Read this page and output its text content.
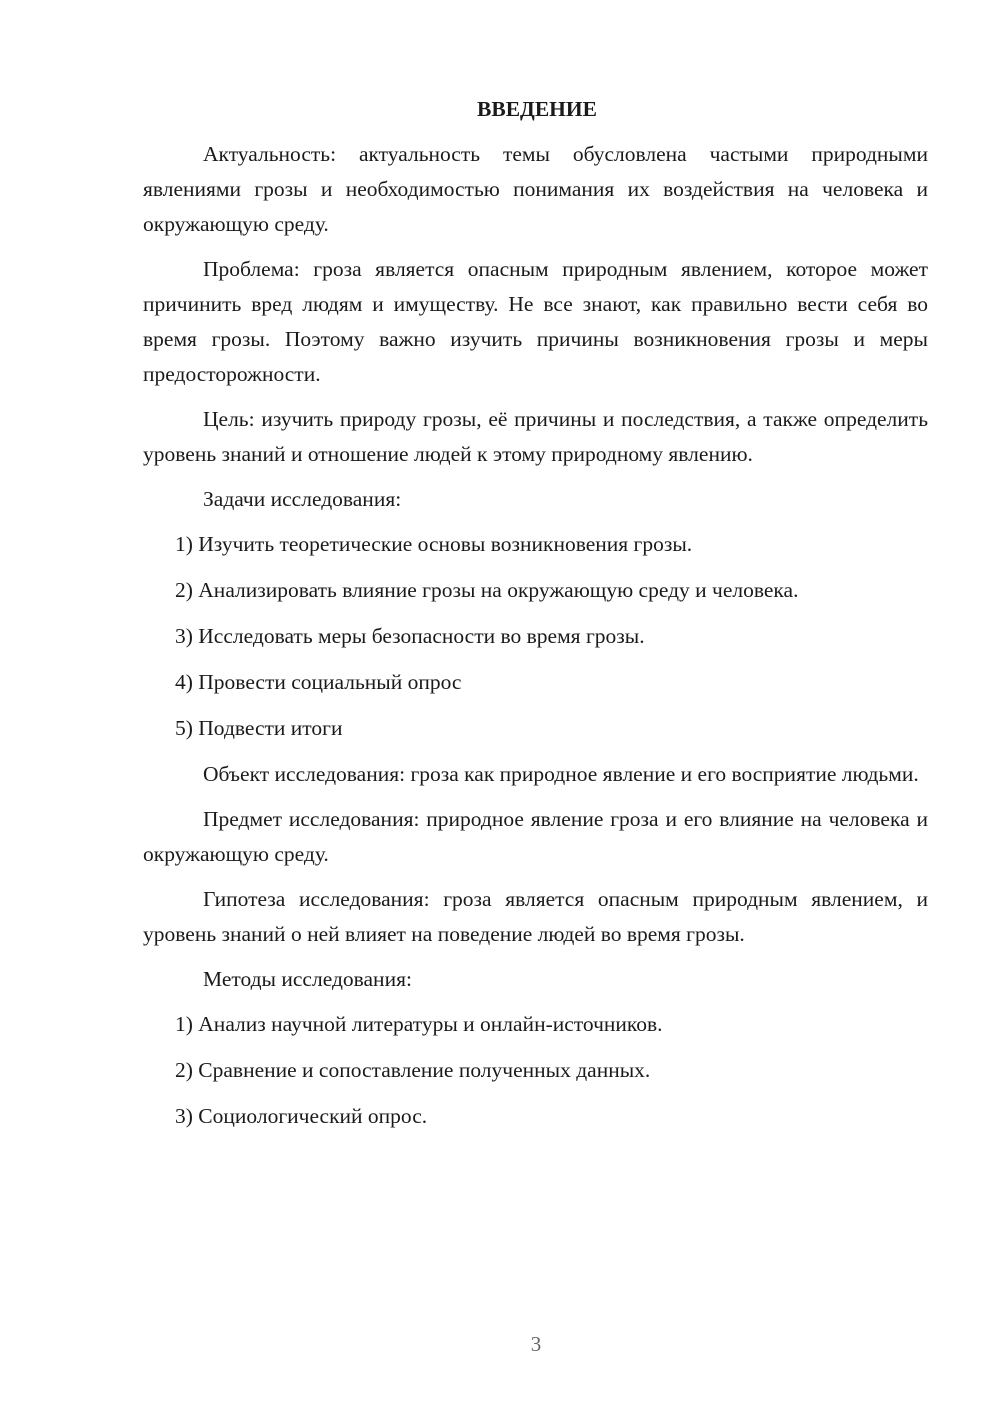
ВВЕДЕНИЕ
Актуальность: актуальность темы обусловлена частыми природными явлениями грозы и необходимостью понимания их воздействия на человека и окружающую среду.
Проблема: гроза является опасным природным явлением, которое может причинить вред людям и имуществу. Не все знают, как правильно вести себя во время грозы. Поэтому важно изучить причины возникновения грозы и меры предосторожности.
Цель: изучить природу грозы, её причины и последствия, а также определить уровень знаний и отношение людей к этому природному явлению.
Задачи исследования:
1) Изучить теоретические основы возникновения грозы.
2) Анализировать влияние грозы на окружающую среду и человека.
3) Исследовать меры безопасности во время грозы.
4) Провести социальный опрос
5) Подвести итоги
Объект исследования: гроза как природное явление и его восприятие людьми.
Предмет исследования: природное явление гроза и его влияние на человека и окружающую среду.
Гипотеза исследования: гроза является опасным природным явлением, и уровень знаний о ней влияет на поведение людей во время грозы.
Методы исследования:
1) Анализ научной литературы и онлайн-источников.
2) Сравнение и сопоставление полученных данных.
3) Социологический опрос.
3
